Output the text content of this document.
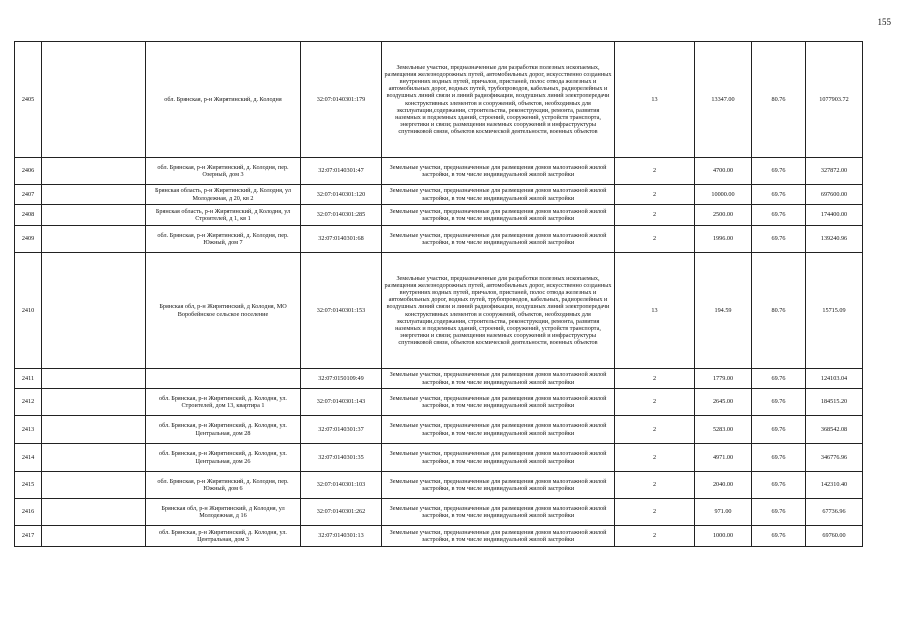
155
2405		обл. Брянская, р-н Жирятинский, д. Колодня	32:07:0140301:179	Земельные участки, предназначенные для разработки полезных ископаемых, размещения железнодорожных путей, автомобильных дорог, искусственно созданных внутренних водных путей, причалов, пристаней, полос отвода железных и автомобильных дорог, водных путей, трубопроводов, кабельных, радиорелейных и воздушных линий связи и линий радиофикации, воздушных линий электропередачи конструктивных элементов и сооружений, объектов, необходимых для эксплуатации,содержания, строительства, реконструкции, ремонта, развития наземных и подземных зданий, строений, сооружений, устройств транспорта, энергетики и связи; размещения наземных сооружений и инфраструктуры спутниковой связи, объектов космической деятельности, военных объектов	13	13347.00	80.76	1077903.72
2406		обл. Брянская, р-н Жирятинский, д. Колодня, пер. Озерный, дом 3	32:07:0140301:47	Земельные участки, предназначенные для размещения домов малоэтажной жилой застройки, в том числе индивидуальной жилой застройки	2	4700.00	69.76	327872.00
2407		Брянская область, р-н Жирятинский, д. Колодня, ул Молодежная, д 20, кв 2	32:07:0140301:120	Земельные участки, предназначенные для размещения домов малоэтажной жилой застройки, в том числе индивидуальной жилой застройки	2	10000.00	69.76	697600.00
2408		Брянская область, р-н Жирятинский, д Колодня, ул Строителей, д 1, кв 1	32:07:0140301:285	Земельные участки, предназначенные для размещения домов малоэтажной жилой застройки, в том числе индивидуальной жилой застройки	2	2500.00	69.76	174400.00
2409		обл. Брянская, р-н Жирятинский, д. Колодня, пер. Южный, дом 7	32:07:0140301:68	Земельные участки, предназначенные для размещения домов малоэтажной жилой застройки, в том числе индивидуальной жилой застройки	2	1996.00	69.76	139240.96
2410		Брянская обл, р-н Жирятинский, д Колодня, МО Воробейнское сельское поселение	32:07:0140301:153	Земельные участки, предназначенные для разработки полезных ископаемых, размещения железнодорожных путей, автомобильных дорог, искусственно созданных внутренних водных путей, причалов, пристаней, полос отвода железных и автомобильных дорог, водных путей, трубопроводов, кабельных, радиорелейных и воздушных линий связи и линий радиофикации, воздушных линий электропередачи конструктивных элементов и сооружений, объектов, необходимых для эксплуатации,содержания, строительства, реконструкции, ремонта, развития наземных и подземных зданий, строений, сооружений, устройств транспорта, энергетики и связи; размещения наземных сооружений и инфраструктуры спутниковой связи, объектов космической деятельности, военных объектов	13	194.59	80.76	15715.09
2411			32:07:0150109:49	Земельные участки, предназначенные для размещения домов малоэтажной жилой застройки, в том числе индивидуальной жилой застройки	2	1779.00	69.76	124103.04
2412		обл. Брянская, р-н Жирятинский, д. Колодня, ул. Строителей, дом 13, квартира 1	32:07:0140301:143	Земельные участки, предназначенные для размещения домов малоэтажной жилой застройки, в том числе индивидуальной жилой застройки	2	2645.00	69.76	184515.20
2413		обл. Брянская, р-н Жирятинский, д. Колодня, ул. Центральная, дом 28	32:07:0140301:37	Земельные участки, предназначенные для размещения домов малоэтажной жилой застройки, в том числе индивидуальной жилой застройки	2	5283.00	69.76	368542.08
2414		обл. Брянская, р-н Жирятинский, д. Колодня, ул. Центральная, дом 26	32:07:0140301:35	Земельные участки, предназначенные для размещения домов малоэтажной жилой застройки, в том числе индивидуальной жилой застройки	2	4971.00	69.76	346776.96
2415		обл. Брянская, р-н Жирятинский, д. Колодня, пер. Южный, дом 6	32:07:0140301:103	Земельные участки, предназначенные для размещения домов малоэтажной жилой застройки, в том числе индивидуальной жилой застройки	2	2040.00	69.76	142310.40
2416		Брянская обл, р-н Жирятинский, д Колодня, ул Молодежная, д 16	32:07:0140301:262	Земельные участки, предназначенные для размещения домов малоэтажной жилой застройки, в том числе индивидуальной жилой застройки	2	971.00	69.76	67736.96
2417		обл. Брянская, р-н Жирятинский, д. Колодня, ул. Центральная, дом 3	32:07:0140301:13	Земельные участки, предназначенные для размещения домов малоэтажной жилой застройки, в том числе индивидуальной жилой застройки	2	1000.00	69.76	69760.00
